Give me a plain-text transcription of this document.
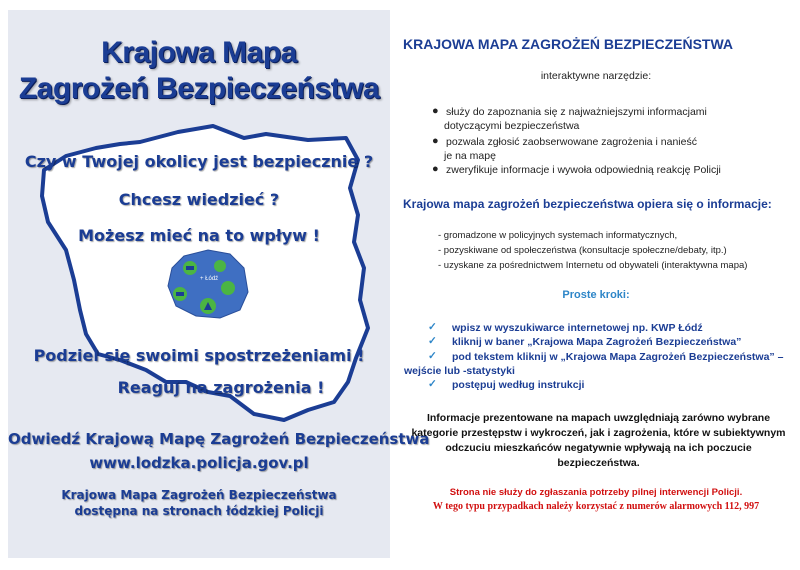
+ Łódź
Krajowa Mapa
Zagrożeń Bezpieczeństwa
Czy w Twojej okolicy jest bezpiecznie ?
Chcesz wiedzieć ?
Możesz mieć na to wpływ !
Podziel się swoimi spostrzeżeniami !
Reaguj na zagrożenia !
Odwiedź Krajową Mapę Zagrożeń Bezpieczeństwa
www.lodzka.policja.gov.pl
Krajowa Mapa Zagrożeń Bezpieczeństwa
dostępna na stronach łódzkiej Policji
KRAJOWA MAPA ZAGROŻEŃ BEZPIECZEŃSTWA
interaktywne narzędzie:
● służy do zapoznania się z najważniejszymi informacjami
dotyczącymi bezpieczeństwa
● pozwala zgłosić zaobserwowane zagrożenia i nanieść
je na mapę
● zweryfikuje informacje i wywoła odpowiednią reakcję Policji
Krajowa mapa zagrożeń bezpieczeństwa opiera się o informacje:
- gromadzone w policyjnych systemach informatycznych,
- pozyskiwane od społeczeństwa (konsultacje społeczne/debaty, itp.)
- uzyskane za pośrednictwem Internetu od obywateli (interaktywna mapa)
Proste kroki:
✓ wpisz w wyszukiwarce internetowej np. KWP Łódź
✓ kliknij w baner „Krajowa Mapa Zagrożeń Bezpieczeństwa”
✓ pod tekstem kliknij w „Krajowa Mapa Zagrożeń Bezpieczeństwa” –
wejście lub -statystyki
✓ postępuj według instrukcji
Informacje prezentowane na mapach uwzględniają zarówno wybrane
kategorie przestępstw i wykroczeń, jak i zagrożenia, które w subiektywnym
odczuciu mieszkańców negatywnie wpływają na ich poczucie
bezpieczeństwa.
Strona nie służy do zgłaszania potrzeby pilnej interwencji Policji.
W tego typu przypadkach należy korzystać z numerów alarmowych 112, 997
